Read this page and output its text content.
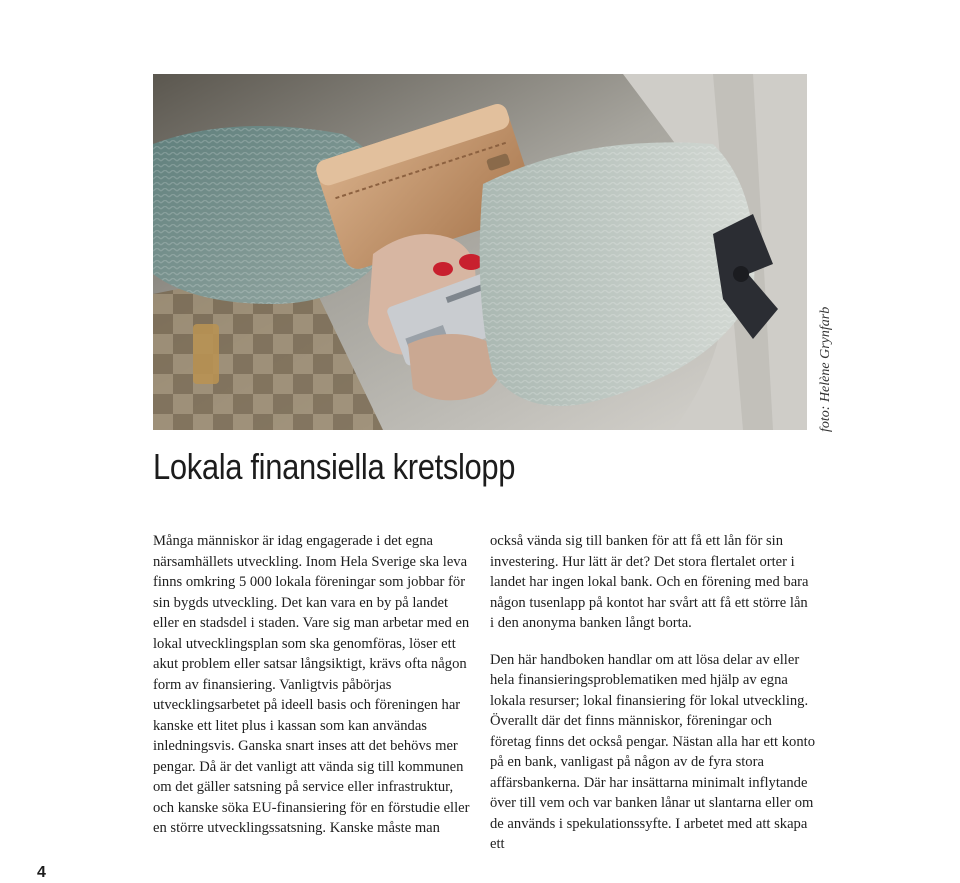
foto: Helène Grynfarb
Lokala finansiella kretslopp

Många människor är idag engagerade i det egna närsamhällets utveckling. Inom Hela Sverige ska leva finns omkring 5 000 lokala föreningar som jobbar för sin bygds utveckling. Det kan vara en by på landet eller en stadsdel i staden. Vare sig man arbetar med en lokal utvecklingsplan som ska genomföras, löser ett akut problem eller satsar långsiktigt, krävs ofta någon form av finansiering. Vanligtvis påbörjas utvecklingsarbetet på ideell basis och föreningen har kanske ett litet plus i kassan som kan användas inledningsvis. Ganska snart inses att det behövs mer pengar. Då är det vanligt att vända sig till kommunen om det gäller satsning på service eller infrastruktur, och kanske söka EU-finansiering för en förstudie eller en större utvecklingssatsning. Kanske måste man

också vända sig till banken för att få ett lån för sin investering. Hur lätt är det? Det stora flertalet orter i landet har ingen lokal bank. Och en förening med bara någon tusenlapp på kontot har svårt att få ett större lån i den anonyma banken långt borta.

Den här handboken handlar om att lösa delar av eller hela finansieringsproblematiken med hjälp av egna lokala resurser; lokal finansiering för lokal utveckling. Överallt där det finns människor, föreningar och företag finns det också pengar. Nästan alla har ett konto på en bank, vanligast på någon av de fyra stora affärsbankerna. Där har insättarna minimalt inflytande över till vem och var banken lånar ut slantarna eller om de används i spekulationssyfte. I arbetet med att skapa ett

4
